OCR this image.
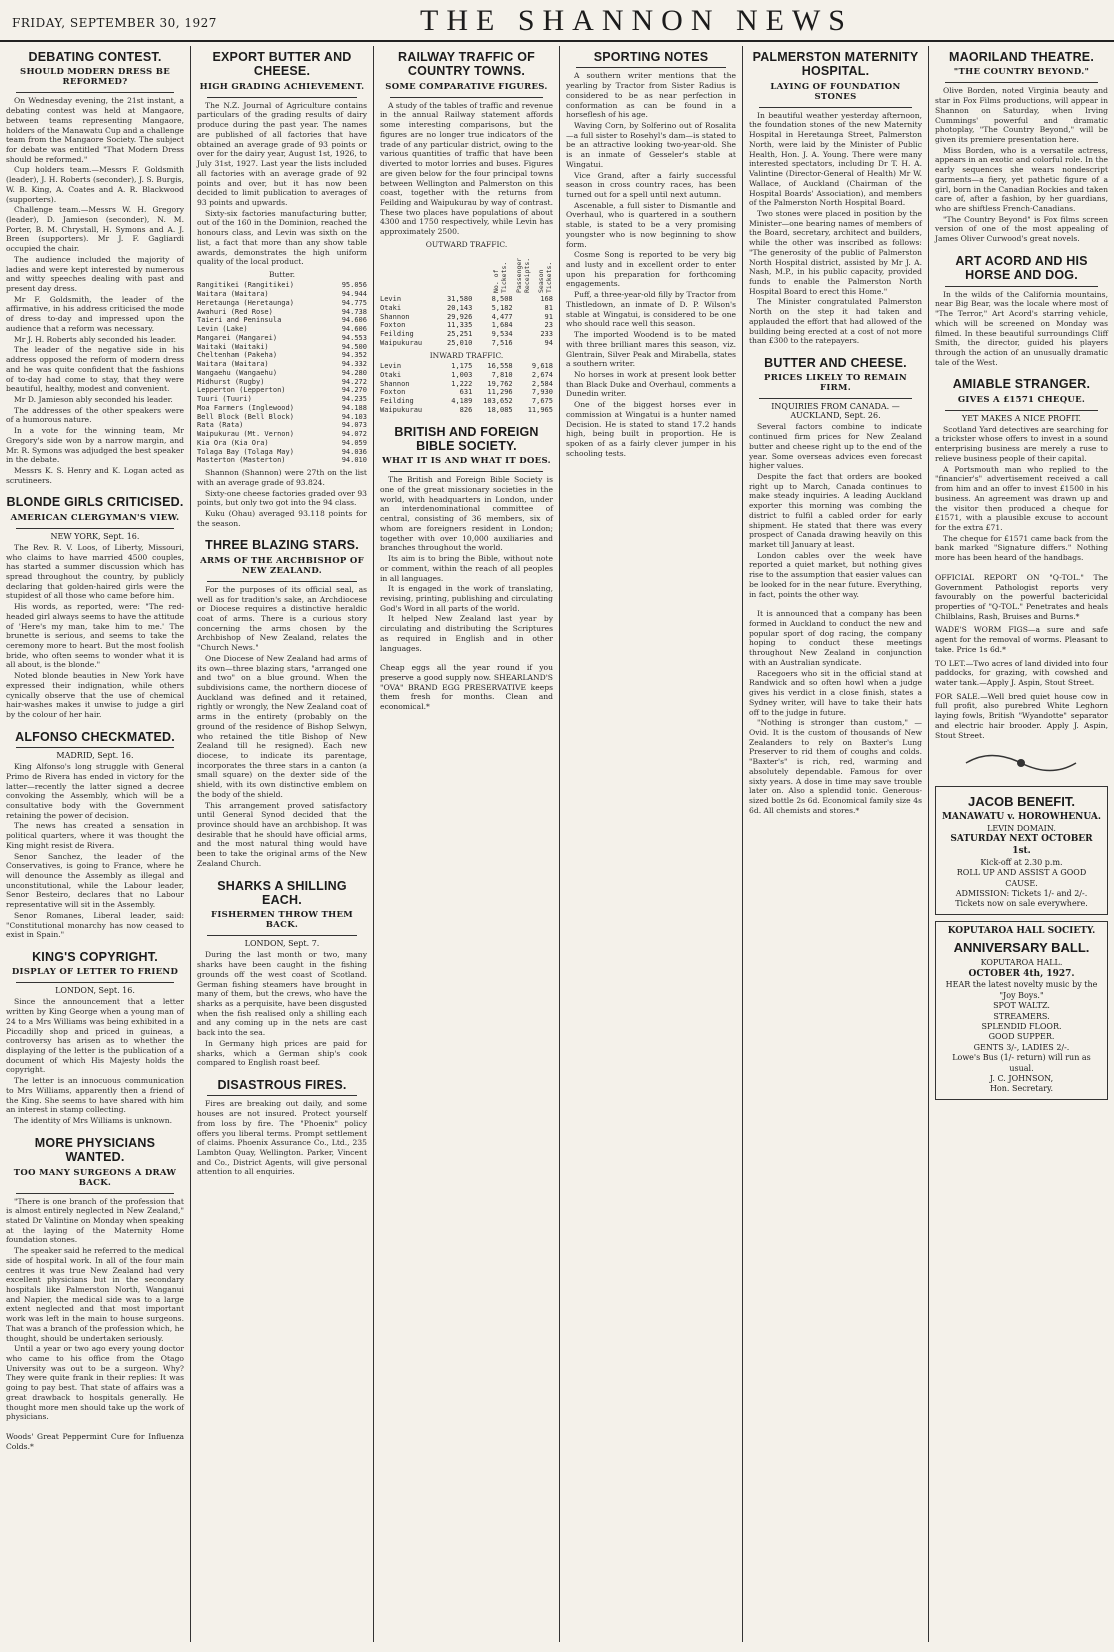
FRIDAY, SEPTEMBER 30, 1927	THE SHANNON NEWS
DEBATING CONTEST.
SHOULD MODERN DRESS BE REFORMED?

On Wednesday evening, the 21st instant, a debating contest was held at Mangaore, between teams representing Mangaore, holders of the Manawatu Cup and a challenge team from the Mangaore Society. The subject for debate was entitled "That Modern Dress should be reformed."

Cup holders team.—Messrs F. Goldsmith (leader), J. H. Roberts (seconder), J. S. Burgis, W. B. King, A. Coates and A. R. Blackwood (supporters).

Challenge team.—Messrs W. H. Gregory (leader), D. Jamieson (seconder), N. M. Porter, B. M. Chrystall, H. Symons and A. J. Breen (supporters). Mr J. F. Gagliardi occupied the chair.

The audience included the majority of ladies and were kept interested by numerous and witty speeches dealing with past and present day dress.

Mr F. Goldsmith, the leader of the affirmative, in his address criticised the mode of dress to-day and impressed upon the audience that a reform was necessary.

Mr J. H. Roberts ably seconded his leader.

The leader of the negative side in his address opposed the reform of modern dress and he was quite confident that the fashions of to-day had come to stay, that they were beautiful, healthy, modest and convenient.

Mr D. Jamieson ably seconded his leader.

The addresses of the other speakers were of a humorous nature.

In a vote for the winning team, Mr Gregory's side won by a narrow margin, and Mr. R. Symons was adjudged the best speaker in the debate.

Messrs K. S. Henry and K. Logan acted as scrutineers.

BLONDE GIRLS CRITICISED.
AMERICAN CLERGYMAN'S VIEW.
NEW YORK, Sept. 16.

The Rev. R. V. Loos, of Liberty, Missouri, who claims to have married 4500 couples, has started a summer discussion which has spread throughout the country, by publicly declaring that golden-haired girls were the stupidest of all those who came before him.

His words, as reported, were: "The red-headed girl always seems to have the attitude of 'Here's my man, take him to me.' The brunette is serious, and seems to take the ceremony more to heart. But the most foolish bride, who often seems to wonder what it is all about, is the blonde."

Noted blonde beauties in New York have expressed their indignation, while others cynically observe that the use of chemical hair-washes makes it unwise to judge a girl by the colour of her hair.

ALFONSO CHECKMATED.
MADRID, Sept. 16.

King Alfonso's long struggle with General Primo de Rivera has ended in victory for the latter—recently the latter signed a decree convoking the Assembly, which will be a consultative body with the Government retaining the power of decision.

The news has created a sensation in political quarters, where it was thought the King might resist de Rivera.

Senor Sanchez, the leader of the Conservatives, is going to France, where he will denounce the Assembly as illegal and unconstitutional, while the Labour leader, Senor Besteiro, declares that no Labour representative will sit in the Assembly.

Senor Romanes, Liberal leader, said: "Constitutional monarchy has now ceased to exist in Spain."

KING'S COPYRIGHT.
DISPLAY OF LETTER TO FRIEND
LONDON, Sept. 16.

Since the announcement that a letter written by King George when a young man of 24 to a Mrs Williams was being exhibited in a Piccadilly shop and priced in guineas, a controversy has arisen as to whether the displaying of the letter is the publication of a document of which His Majesty holds the copyright.

The letter is an innocuous communication to Mrs Williams, apparently then a friend of the King. She seems to have shared with him an interest in stamp collecting.

The identity of Mrs Williams is unknown.

MORE PHYSICIANS WANTED.
TOO MANY SURGEONS A DRAW BACK.

"There is one branch of the profession that is almost entirely neglected in New Zealand," stated Dr Valintine on Monday when speaking at the laying of the Maternity Home foundation stones.

The speaker said he referred to the medical side of hospital work. In all of the four main centres it was true New Zealand had very excellent physicians but in the secondary hospitals like Palmerston North, Wanganui and Napier, the medical side was to a large extent neglected and that most important work was left in the main to house surgeons. That was a branch of the profession which, he thought, should be undertaken seriously.

Until a year or two ago every young doctor who came to his office from the Otago University was out to be a surgeon. Why? They were quite frank in their replies: It was going to pay best. That state of affairs was a great drawback to hospitals generally. He thought more men should take up the work of physicians.

Woods' Great Peppermint Cure for Influenza Colds.*

EXPORT BUTTER AND CHEESE.
HIGH GRADING ACHIEVEMENT.

The N.Z. Journal of Agriculture contains particulars of the grading results of dairy produce during the past year. The names are published of all factories that have obtained an average grade of 93 points or over for the dairy year, August 1st, 1926, to July 31st, 1927. Last year the lists included all factories with an average grade of 92 points and over, but it has now been decided to limit publication to averages of 93 points and upwards.

Sixty-six factories manufacturing butter, out of the 160 in the Dominion, reached the honours class, and Levin was sixth on the list, a fact that more than any show table awards, demonstrates the high uniform quality of the local product.

Butter.
Rangitikei (Rangitikei)	95.056
Waitara (Waitara)	94.944
Heretaunga (Heretaunga)	94.775
Awahuri (Red Rose)	94.738
Taieri and Peninsula	94.606
Levin (Lake)	94.606
Mangarei (Mangarei)	94.553
Waitaki (Waitaki)	94.500
Cheltenham (Pakeha)	94.352
Waitara (Waitara)	94.332
Wangaehu (Wangaehu)	94.280
Midhurst (Rugby)	94.272
Lepperton (Lepperton)	94.270
Tuuri (Tuuri)	94.235
Moa Farmers (Inglewood)	94.188
Bell Block (Bell Block)	94.103
Rata (Rata)	94.073
Waipukurau (Mt. Vernon)	94.072
Kia Ora (Kia Ora)	94.059
Tolaga Bay (Tolaga May)	94.036
Masterton (Masterton)	94.010

Shannon (Shannon) were 27th on the list with an average grade of 93.824.

Sixty-one cheese factories graded over 93 points, but only two got into the 94 class.

Kuku (Ohau) averaged 93.118 points for the season.

THREE BLAZING STARS.
ARMS OF THE ARCHBISHOP OF NEW ZEALAND.

For the purposes of its official seal, as well as for tradition's sake, an Archdiocese or Diocese requires a distinctive heraldic coat of arms. There is a curious story concerning the arms chosen by the Archbishop of New Zealand, relates the "Church News."

One Diocese of New Zealand had arms of its own—three blazing stars, "arranged one and two" on a blue ground. When the subdivisions came, the northern diocese of Auckland was defined and it retained, rightly or wrongly, the New Zealand coat of arms in the entirety (probably on the ground of the residence of Bishop Selwyn, who retained the title Bishop of New Zealand till he resigned). Each new diocese, to indicate its parentage, incorporates the three stars in a canton (a small square) on the dexter side of the shield, with its own distinctive emblem on the body of the shield.

This arrangement proved satisfactory until General Synod decided that the province should have an archbishop. It was desirable that he should have official arms, and the most natural thing would have been to take the original arms of the New Zealand Church.

SHARKS A SHILLING EACH.
FISHERMEN THROW THEM BACK.
LONDON, Sept. 7.

During the last month or two, many sharks have been caught in the fishing grounds off the west coast of Scotland. German fishing steamers have brought in many of them, but the crews, who have the sharks as a perquisite, have been disgusted when the fish realised only a shilling each and any coming up in the nets are cast back into the sea.

In Germany high prices are paid for sharks, which a German ship's cook compared to English roast beef.

DISASTROUS FIRES.

Fires are breaking out daily, and some houses are not insured. Protect yourself from loss by fire. The "Phoenix" policy offers you liberal terms. Prompt settlement of claims. Phoenix Assurance Co., Ltd., 235 Lambton Quay, Wellington. Parker, Vincent and Co., District Agents, will give personal attention to all enquiries.

RAILWAY TRAFFIC OF COUNTRY TOWNS.
SOME COMPARATIVE FIGURES.

A study of the tables of traffic and revenue in the annual Railway statement affords some interesting comparisons, but the figures are no longer true indicators of the trade of any particular district, owing to the various quantities of traffic that have been diverted to motor lorries and buses. Figures are given below for the four principal towns between Wellington and Palmerston on this coast, together with the returns from Feilding and Waipukurau by way of contrast. These two places have populations of about 4300 and 1750 respectively, while Levin has approximately 2500.

OUTWARD TRAFFIC.
No. of Tickets. Passenger Receipts. Season Tickets.
Levin	31,580	8,508	168
Otaki	20,143	5,182	81
Shannon	29,926	4,477	91
Foxton	11,335	1,684	23
Feilding	25,251	9,534	233
Waipukurau	25,010	7,516	94
INWARD TRAFFIC.
Levin	1,175	16,558	9,618
Otaki	1,003	7,810	2,674
Shannon	1,222	19,762	2,584
Foxton	631	11,296	7,930
Feilding	4,189	103,652	7,675
Waipukurau	826	18,085	11,965
BRITISH AND FOREIGN BIBLE SOCIETY.
WHAT IT IS AND WHAT IT DOES.

The British and Foreign Bible Society is one of the great missionary societies in the world, with headquarters in London, under an interdenominational committee of central, consisting of 36 members, six of whom are foreigners resident in London; together with over 10,000 auxiliaries and branches throughout the world.

Its aim is to bring the Bible, without note or comment, within the reach of all peoples in all languages.

It is engaged in the work of translating, revising, printing, publishing and circulating God's Word in all parts of the world.

It helped New Zealand last year by circulating and distributing the Scriptures as required in English and in other languages.

Cheap eggs all the year round if you preserve a good supply now. SHEARLAND'S "OVA" BRAND EGG PRESERVATIVE keeps them fresh for months. Clean and economical.*

SPORTING NOTES

A southern writer mentions that the yearling by Tractor from Sister Radius is considered to be as near perfection in conformation as can be found in a horseflesh of his age.

Waving Corn, by Solferino out of Rosalita—a full sister to Rosehyl's dam—is stated to be an attractive looking two-year-old. She is an inmate of Gesseler's stable at Wingatui.

Vice Grand, after a fairly successful season in cross country races, has been turned out for a spell until next autumn.

Ascenable, a full sister to Dismantle and Overhaul, who is quartered in a southern stable, is stated to be a very promising youngster who is now beginning to show form.

Cosme Song is reported to be very big and lusty and in excellent order to enter upon his preparation for forthcoming engagements.

Puff, a three-year-old filly by Tractor from Thistledown, an inmate of D. P. Wilson's stable at Wingatui, is considered to be one who should race well this season.

The imported Woodend is to be mated with three brilliant mares this season, viz. Glentrain, Silver Peak and Mirabella, states a southern writer.

No horses in work at present look better than Black Duke and Overhaul, comments a Dunedin writer.

One of the biggest horses ever in commission at Wingatui is a hunter named Decision. He is stated to stand 17.2 hands high, being built in proportion. He is spoken of as a fairly clever jumper in his schooling tests.

PALMERSTON MATERNITY HOSPITAL.
LAYING OF FOUNDATION STONES

In beautiful weather yesterday afternoon, the foundation stones of the new Maternity Hospital in Heretaunga Street, Palmerston North, were laid by the Minister of Public Health, Hon. J. A. Young. There were many interested spectators, including Dr T. H. A. Valintine (Director-General of Health) Mr W. Wallace, of Auckland (Chairman of the Hospital Boards' Association), and members of the Palmerston North Hospital Board.

Two stones were placed in position by the Minister—one bearing names of members of the Board, secretary, architect and builders, while the other was inscribed as follows: "The generosity of the public of Palmerston North Hospital district, assisted by Mr J. A. Nash, M.P., in his public capacity, provided funds to enable the Palmerston North Hospital Board to erect this Home."

The Minister congratulated Palmerston North on the step it had taken and applauded the effort that had allowed of the building being erected at a cost of not more than £300 to the ratepayers.

BUTTER AND CHEESE.
PRICES LIKELY TO REMAIN FIRM.
INQUIRIES FROM CANADA. — AUCKLAND, Sept. 26.

Several factors combine to indicate continued firm prices for New Zealand butter and cheese right up to the end of the year. Some overseas advices even forecast higher values.

Despite the fact that orders are booked right up to March, Canada continues to make steady inquiries. A leading Auckland exporter this morning was combing the district to fulfil a cabled order for early shipment. He stated that there was every prospect of Canada drawing heavily on this market till January at least.

London cables over the week have reported a quiet market, but nothing gives rise to the assumption that easier values can be looked for in the near future. Everything, in fact, points the other way.

It is announced that a company has been formed in Auckland to conduct the new and popular sport of dog racing, the company hoping to conduct these meetings throughout New Zealand in conjunction with an Australian syndicate.

Racegoers who sit in the official stand at Randwick and so often howl when a judge gives his verdict in a close finish, states a Sydney writer, will have to take their hats off to the judge in future.

"Nothing is stronger than custom," —Ovid. It is the custom of thousands of New Zealanders to rely on Baxter's Lung Preserver to rid them of coughs and colds. "Baxter's" is rich, red, warming and absolutely dependable. Famous for over sixty years. A dose in time may save trouble later on. Also a splendid tonic. Generous-sized bottle 2s 6d. Economical family size 4s 6d. All chemists and stores.*

MAORILAND THEATRE.
"THE COUNTRY BEYOND."

Olive Borden, noted Virginia beauty and star in Fox Films productions, will appear in Shannon on Saturday, when Irving Cummings' powerful and dramatic photoplay, "The Country Beyond," will be given its premiere presentation here.

Miss Borden, who is a versatile actress, appears in an exotic and colorful role. In the early sequences she wears nondescript garments—a fiery, yet pathetic figure of a girl, born in the Canadian Rockies and taken care of, after a fashion, by her guardians, who are shiftless French-Canadians.

"The Country Beyond" is Fox films screen version of one of the most appealing of James Oliver Curwood's great novels.

ART ACORD AND HIS HORSE AND DOG.

In the wilds of the California mountains, near Big Bear, was the locale where most of "The Terror," Art Acord's starring vehicle, which will be screened on Monday was filmed. In these beautiful surroundings Cliff Smith, the director, guided his players through the action of an unusually dramatic tale of the West.

AMIABLE STRANGER.
GIVES A £1571 CHEQUE.
YET MAKES A NICE PROFIT.

Scotland Yard detectives are searching for a trickster whose offers to invest in a sound enterprising business are merely a ruse to relieve business people of their capital.

A Portsmouth man who replied to the "financier's" advertisement received a call from him and an offer to invest £1500 in his business. An agreement was drawn up and the visitor then produced a cheque for £1571, with a plausible excuse to account for the extra £71.

The cheque for £1571 came back from the bank marked "Signature differs." Nothing more has been heard of the handbags.

OFFICIAL REPORT ON "Q-TOL." The Government Pathologist reports very favourably on the powerful bactericidal properties of "Q-TOL." Penetrates and heals Chilblains, Rash, Bruises and Burns.*

WADE'S WORM FIGS—a sure and safe agent for the removal of worms. Pleasant to take. Price 1s 6d.*

TO LET.—Two acres of land divided into four paddocks, for grazing, with cowshed and water tank.—Apply J. Aspin, Stout Street.

FOR SALE.—Well bred quiet house cow in full profit, also purebred White Leghorn laying fowls, British "Wyandotte" separator and electric hair brooder. Apply J. Aspin, Stout Street.

JACOB BENEFIT.
MANAWATU v. HOROWHENUA.
LEVIN DOMAIN.
SATURDAY NEXT OCTOBER 1st.
Kick-off at 2.30 p.m.
ROLL UP AND ASSIST A GOOD CAUSE.
ADMISSION: Tickets 1/- and 2/-. Tickets now on sale everywhere.
KOPUTAROA HALL SOCIETY.
ANNIVERSARY BALL.
KOPUTAROA HALL.
OCTOBER 4th, 1927.
HEAR the latest novelty music by the "Joy Boys."
SPOT WALTZ.
STREAMERS.
SPLENDID FLOOR.
GOOD SUPPER.
GENTS 3/-, LADIES 2/-.
Lowe's Bus (1/- return) will run as usual.
J. C. JOHNSON,
Hon. Secretary.
